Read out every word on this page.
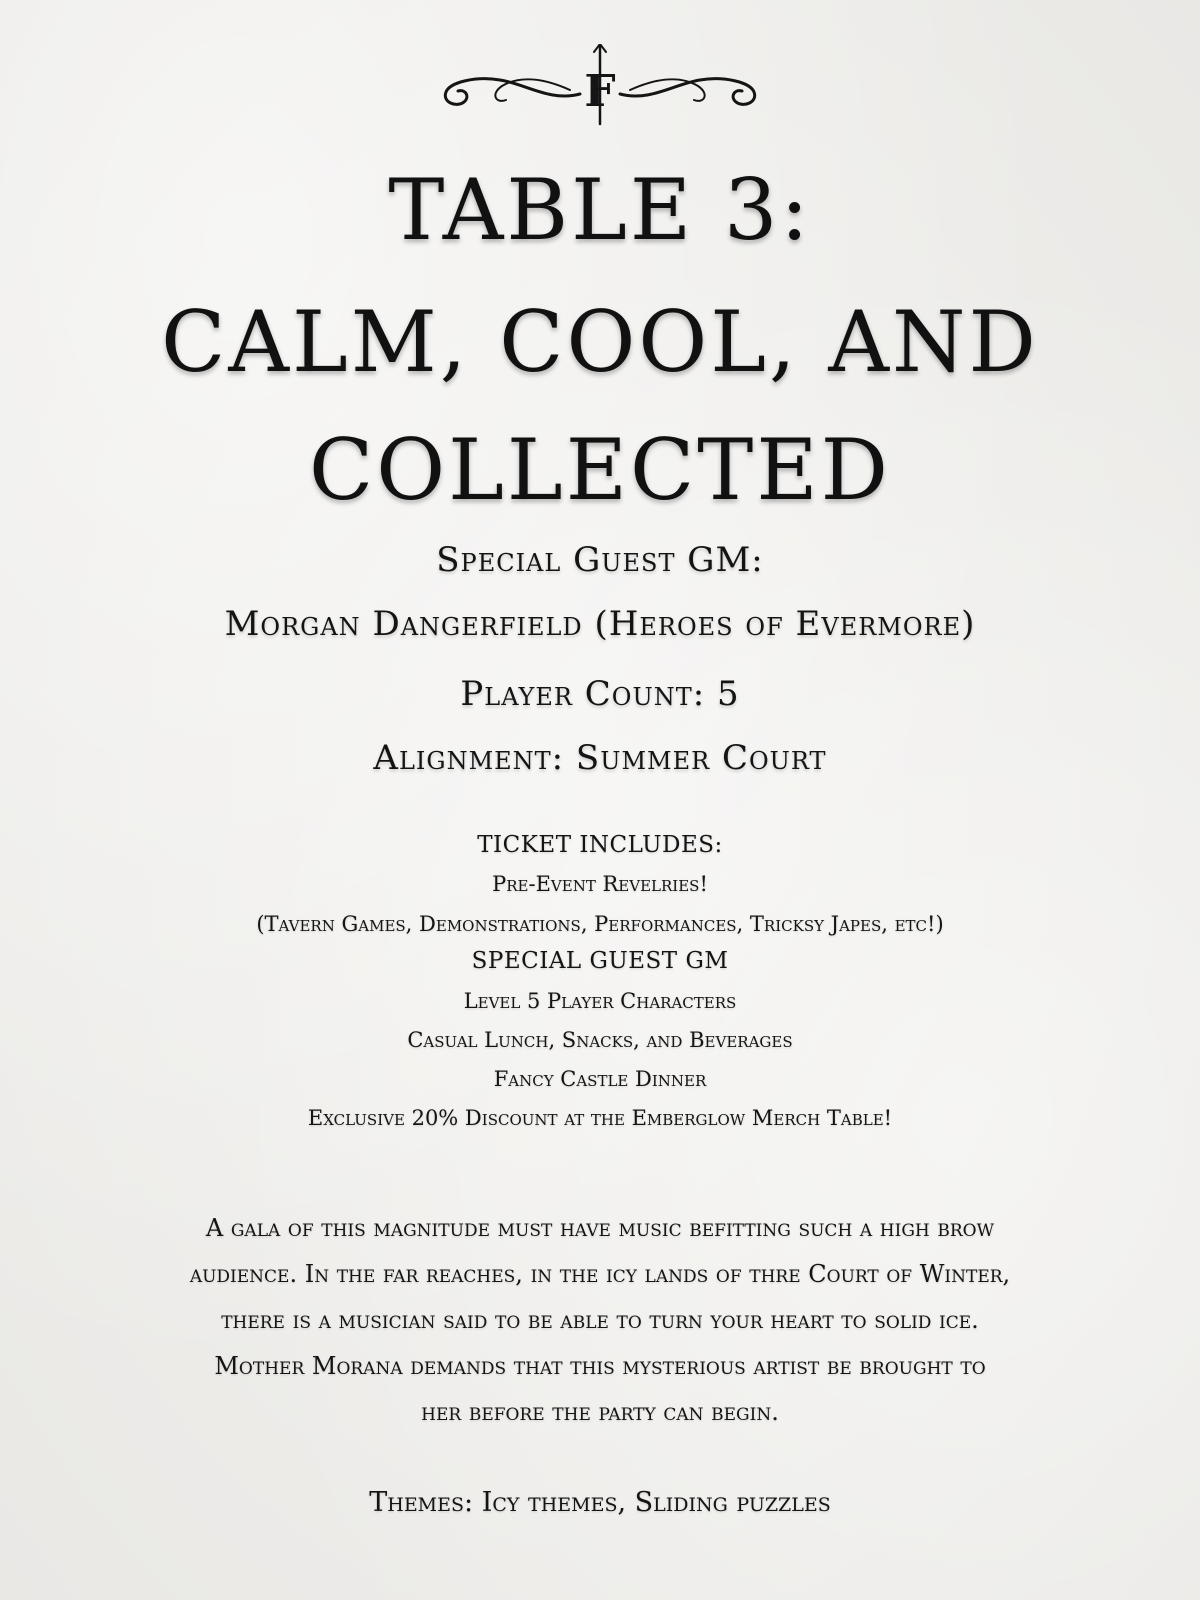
F
TABLE 3:
CALM, COOL, AND
COLLECTED

Special Guest GM:

Morgan Dangerfield (Heroes of Evermore)

Player Count: 5

Alignment: Summer Court

TICKET INCLUDES:

Pre-Event Revelries!

(Tavern Games, Demonstrations, Performances, Tricksy Japes, etc!)

SPECIAL GUEST GM

Level 5 Player Characters

Casual Lunch, Snacks, and Beverages

Fancy Castle Dinner

Exclusive 20% Discount at the Emberglow Merch Table!

A gala of this magnitude must have music befitting such a high brow

audience. In the far reaches, in the icy lands of thre Court of Winter,

there is a musician said to be able to turn your heart to solid ice.

Mother Morana demands that this mysterious artist be brought to

her before the party can begin.

Themes: Icy themes, Sliding puzzles
